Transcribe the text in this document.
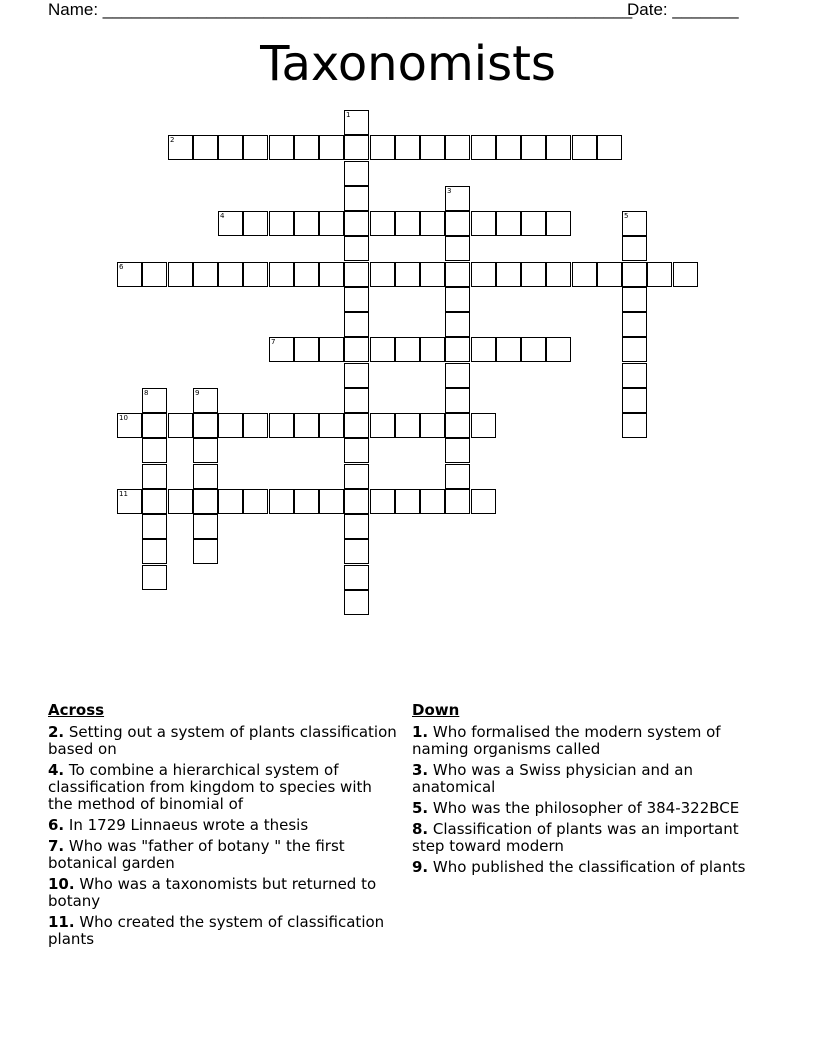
Name: ________________________________________________________
Date: _______
Taxonomists
1
2
3
4	5
6
7
8	9
10
11
Across
2. Setting out a system of plants classification based on
4. To combine a hierarchical system of classification from kingdom to species with the method of binomial of
6. In 1729 Linnaeus wrote a thesis
7. Who was "father of botany " the first botanical garden
10. Who was a taxonomists but returned to botany
11. Who created the system of classification plants
Down
1. Who formalised the modern system of naming organisms called
3. Who was a Swiss physician and an anatomical
5. Who was the philosopher of 384-322BCE
8. Classification of plants was an important step toward modern
9. Who published the classification of plants
